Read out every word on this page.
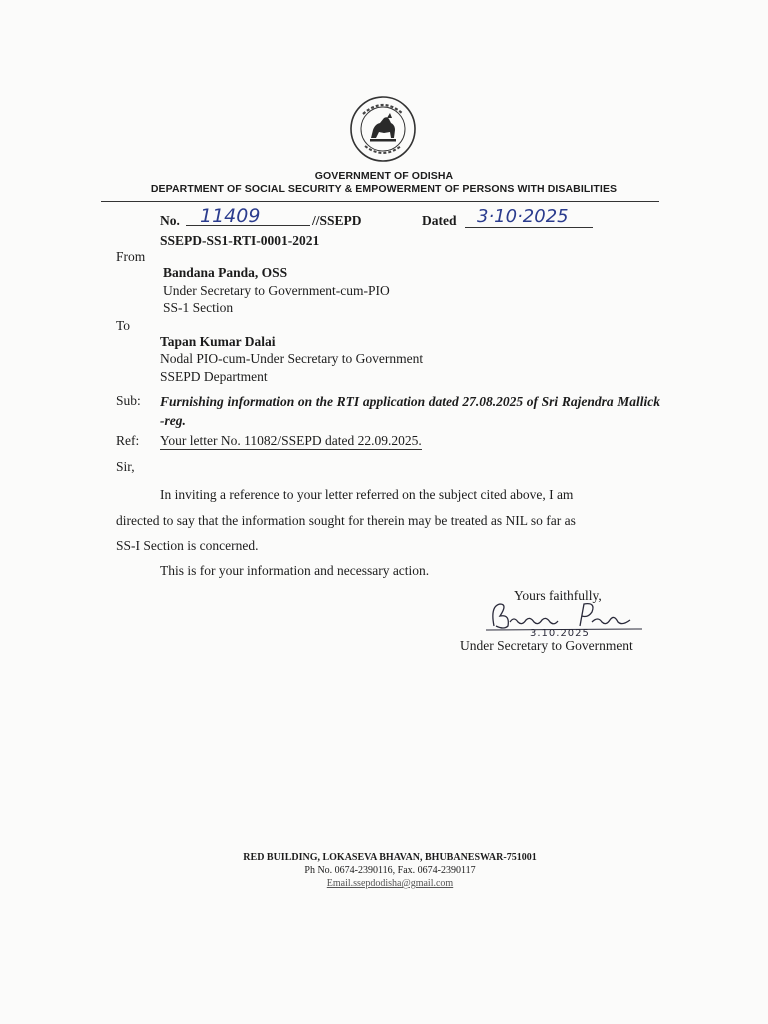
GOVERNMENT OF ODISHA
DEPARTMENT OF SOCIAL SECURITY & EMPOWERMENT OF PERSONS WITH DISABILITIES
No. 11409	//SSEPD	Dated 3·10·2025
SSEPD-SS1-RTI-0001-2021
From
Bandana Panda, OSS
Under Secretary to Government-cum-PIO
SS-1 Section
To
Tapan Kumar Dalai
Nodal PIO-cum-Under Secretary to Government
SSEPD Department
Sub: Furnishing information on the RTI application dated 27.08.2025 of Sri Rajendra Mallick -reg.
Ref: Your letter No. 11082/SSEPD dated 22.09.2025.
Sir,
In inviting a reference to your letter referred on the subject cited above, I am
directed to say that the information sought for therein may be treated as NIL so far as
SS-I Section is concerned.
This is for your information and necessary action.
Yours faithfully,
3.10.2025
Under Secretary to Government
RED BUILDING, LOKASEVA BHAVAN, BHUBANESWAR-751001
Ph No. 0674-2390116, Fax. 0674-2390117
Email.ssepdodisha@gmail.com
